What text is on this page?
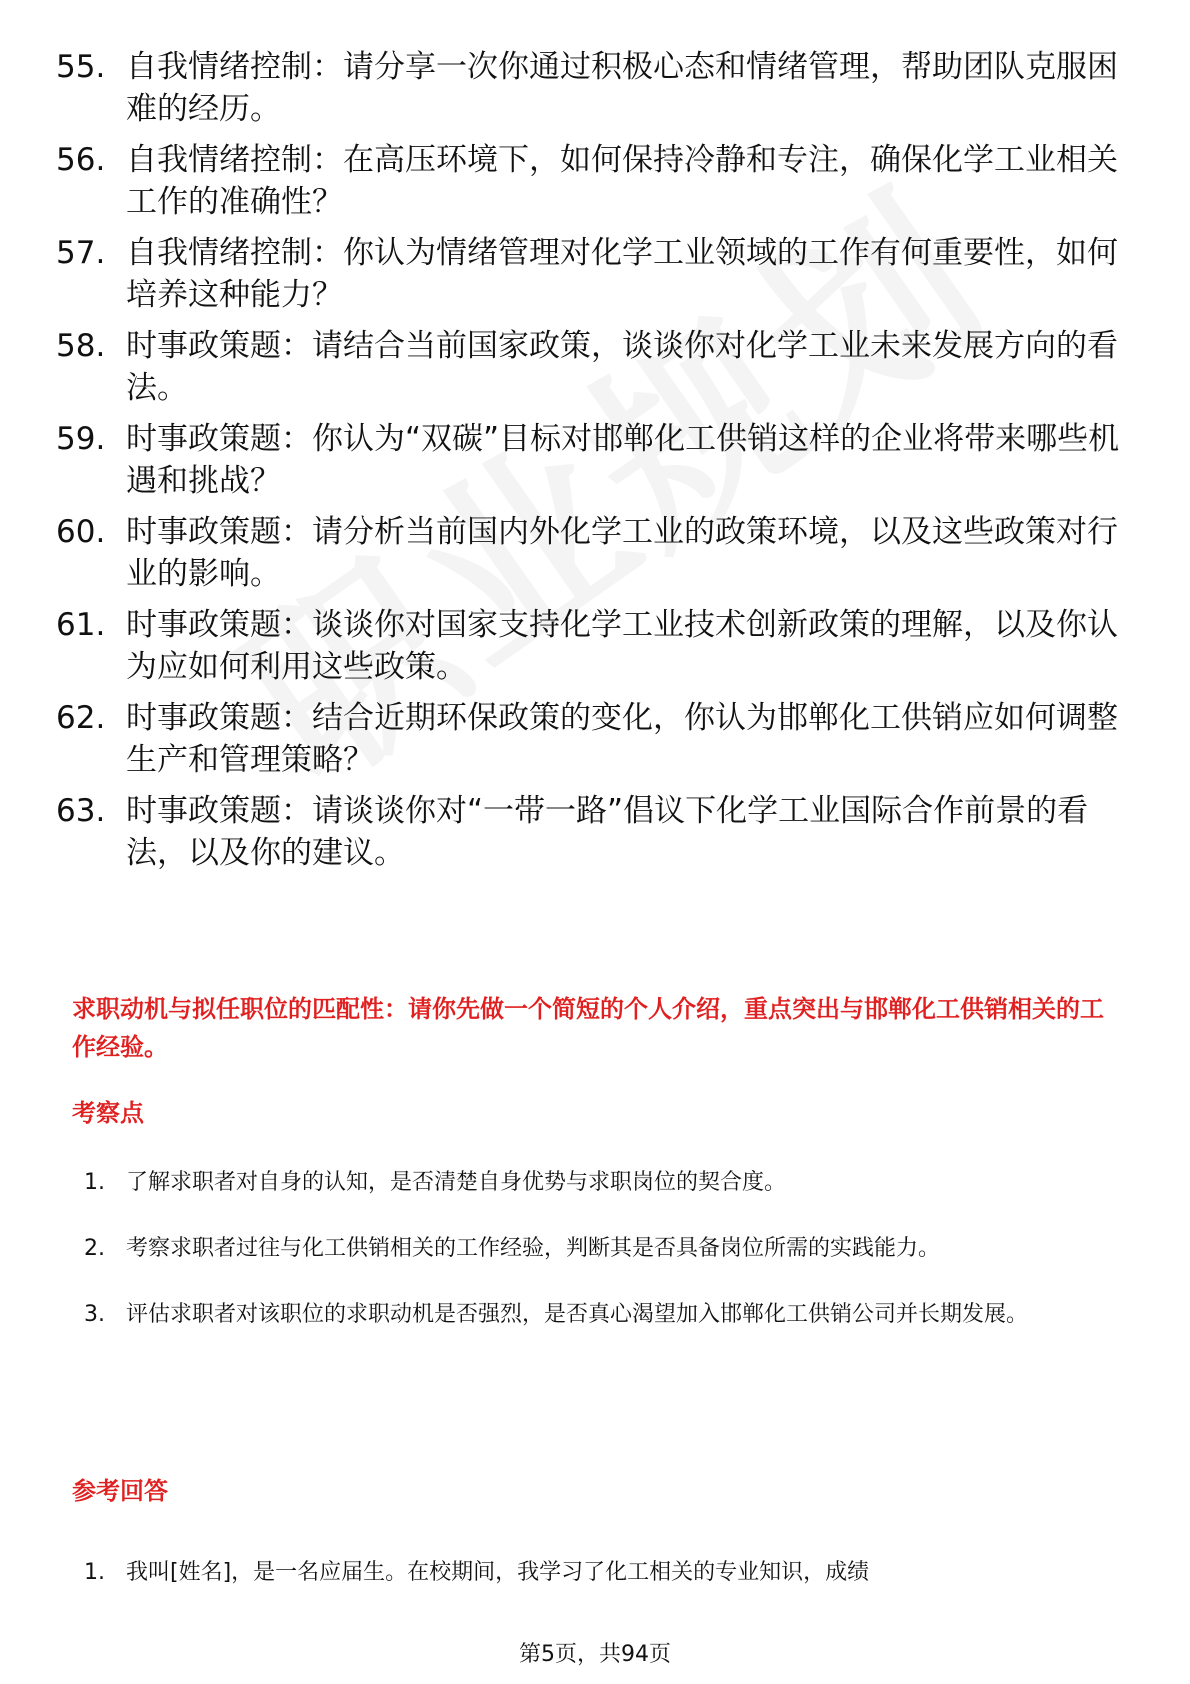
55. 自我情绪控制：请分享一次你通过积极心态和情绪管理，帮助团队克服困难的经历。
56. 自我情绪控制：在高压环境下，如何保持冷静和专注，确保化学工业相关工作的准确性？
57. 自我情绪控制：你认为情绪管理对化学工业领域的工作有何重要性，如何培养这种能力？
58. 时事政策题：请结合当前国家政策，谈谈你对化学工业未来发展方向的看法。
59. 时事政策题：你认为“双碳”目标对邯郸化工供销这样的企业将带来哪些机遇和挑战？
60. 时事政策题：请分析当前国内外化学工业的政策环境，以及这些政策对行业的影响。
61. 时事政策题：谈谈你对国家支持化学工业技术创新政策的理解，以及你认为应如何利用这些政策。
62. 时事政策题：结合近期环保政策的变化，你认为邯郸化工供销应如何调整生产和管理策略？
63. 时事政策题：请谈谈你对“一带一路”倡议下化学工业国际合作前景的看法，以及你的建议。
求职动机与拟任职位的匹配性：请你先做一个简短的个人介绍，重点突出与邯郸化工供销相关的工作经验。
考察点
1. 了解求职者对自身的认知，是否清楚自身优势与求职岗位的契合度。
2. 考察求职者过往与化工供销相关的工作经验，判断其是否具备岗位所需的实践能力。
3. 评估求职者对该职位的求职动机是否强烈，是否真心渴望加入邯郸化工供销公司并长期发展。
参考回答
1. 我叫[姓名]，是一名应届生。在校期间，我学习了化工相关的专业知识，成绩
第5页，共94页
